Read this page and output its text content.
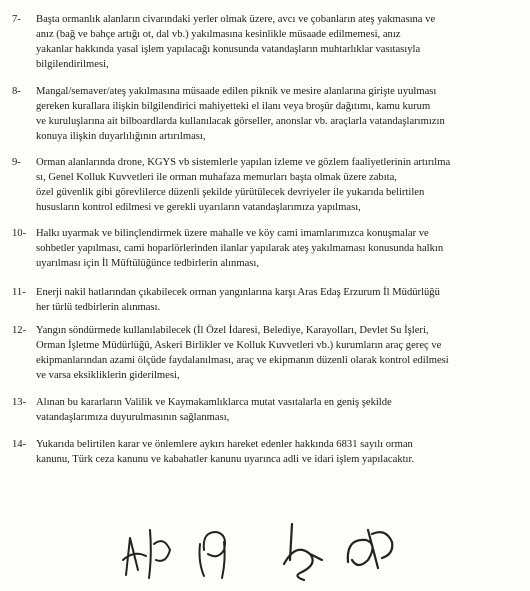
7- Başta ormanlık alanların civarındaki yerler olmak üzere, avcı ve çobanların ateş yakmasına ve
anız (bağ ve bahçe artığı ot, dal vb.) yakılmasına kesinlikle müsaade edilmemesi, anız
yakanlar hakkında yasal işlem yapılacağı konusunda vatandaşların muhtarlıklar vasıtasıyla
bilgilendirilmesi,
8- Mangal/semaver/ateş yakılmasına müsaade edilen piknik ve mesire alanlarına girişte uyulması
gereken kurallara ilişkin bilgilendirici mahiyetteki el ilanı veya broşür dağıtımı, kamu kurum
ve kuruluşlarına ait bilboardlarda kullanılacak görseller, anonslar vb. araçlarla vatandaşlarımızın
konuya ilişkin duyarlılığının artırılması,
9- Orman alanlarında drone, KGYS vb sistemlerle yapılan izleme ve gözlem faaliyetlerinin artırılma
sı, Genel Kolluk Kuvvetleri ile orman muhafaza memurları başta olmak üzere zabıta,
özel güvenlik gibi görevlilerce düzenli şekilde yürütülecek devriyeler ile yukarıda belirtilen
hususların kontrol edilmesi ve gerekli uyarıların vatandaşlarımıza yapılması,
10- Halkı uyarmak ve bilinçlendirmek üzere mahalle ve köy cami imamlarımızca konuşmalar ve
sohbetler yapılması, cami hoparlörlerinden ilanlar yapılarak ateş yakılmaması konusunda halkın
uyarılması için İl Müftülüğünce tedbirlerin alınması,
11- Enerji nakil hatlarından çıkabilecek orman yangınlarına karşı Aras Edaş Erzurum İl Müdürlüğü
her türlü tedbirlerin alınması.
12- Yangın söndürmede kullanılabilecek (İl Özel İdaresi, Belediye, Karayolları, Devlet Su İşleri,
Orman İşletme Müdürlüğü, Askeri Birlikler ve Kolluk Kuvvetleri vb.) kurumların araç gereç ve
ekipmanlarından azami ölçüde faydalanılması, araç ve ekipmanın düzenli olarak kontrol edilmesi
ve varsa eksikliklerin giderilmesi,
13- Alınan bu kararların Valilik ve Kaymakamlıklarca mutat vasıtalarla en geniş şekilde
vatandaşlarımıza duyurulmasının sağlanması,
14- Yukarıda belirtilen karar ve önlemlere aykırı hareket edenler hakkında 6831 sayılı orman
kanunu, Türk ceza kanunu ve kabahatler kanunu uyarınca adli ve idari işlem yapılacaktır.
